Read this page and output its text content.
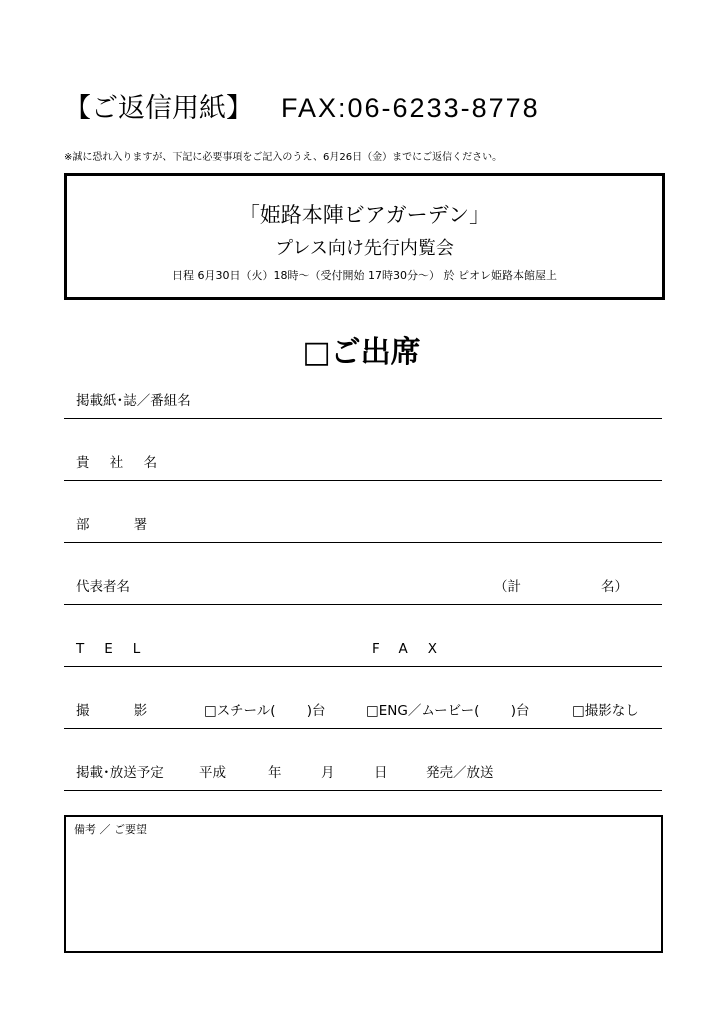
【ご返信用紙】 FAX:06-6233-8778
※誠に恐れ入りますが、下記に必要事項をご記入のうえ、6月26日（金）までにご返信ください。
「姫路本陣ビアガーデン」
プレス向け先行内覧会
日程 6月30日（火）18時～（受付開始 17時30分～） 於 ピオレ姫路本館屋上
□ご出席
掲載紙･誌／番組名
貴 社 名
部 署
代表者名	（計	名）
TEL	FAX
撮 影	□スチール(　　 )台	□ENG／ムービー(　　 )台	□撮影なし
掲載･放送予定	平成	年	月	日	発売／放送
備考 ／ ご要望
